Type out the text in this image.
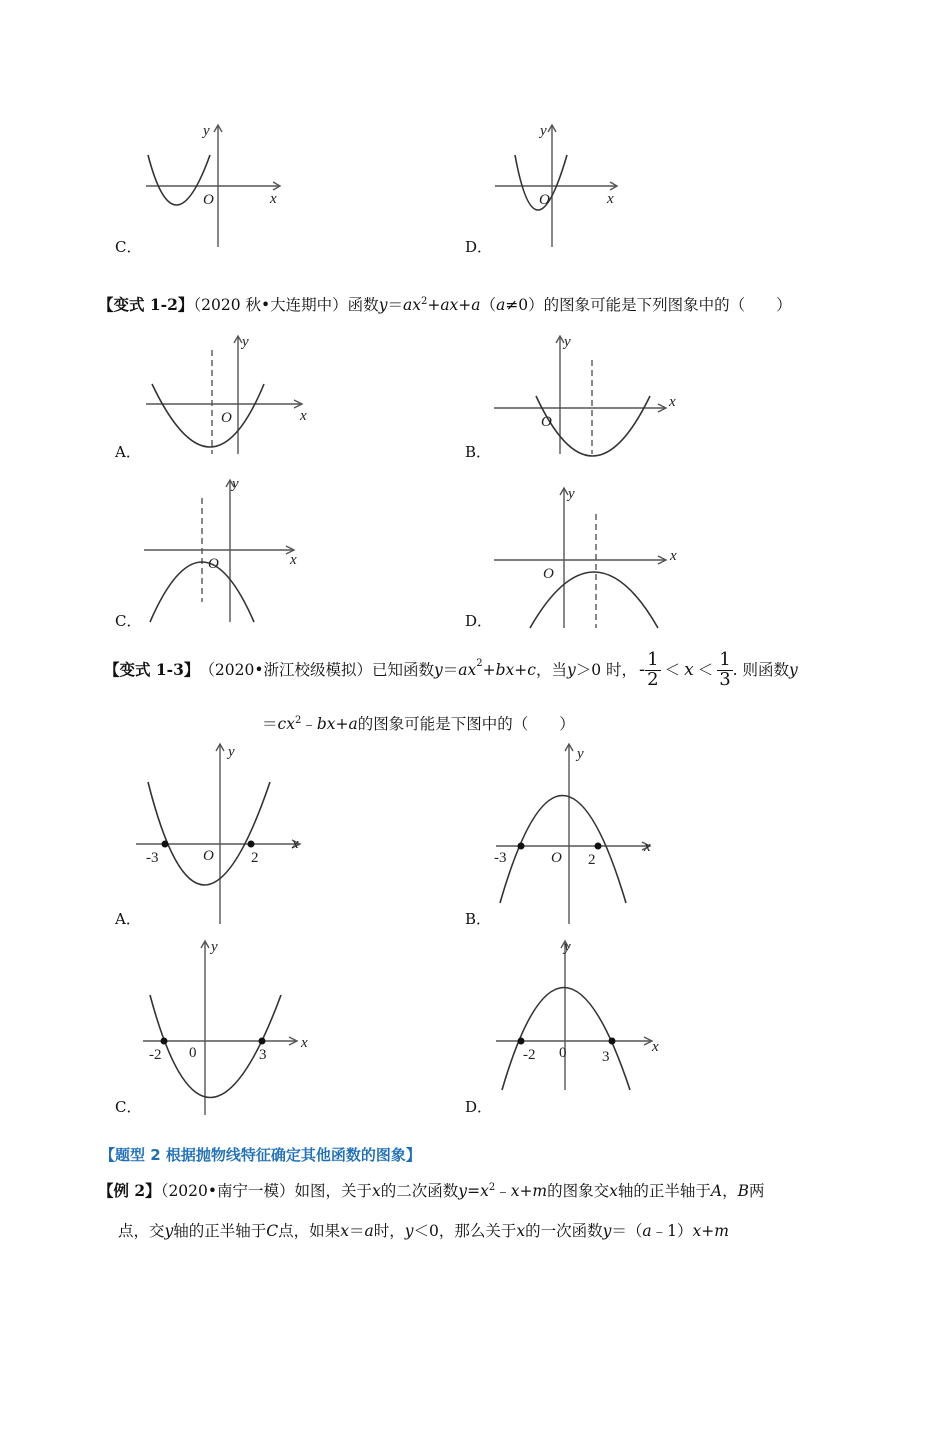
y
x
O
C．
y
x
O
D．
【变式 1-2】（2020 秋•大连期中）函数$y=ax^2+ax+a(a\ne 0)$的图象可能是下列图象中的（　　）
y
x
O
A．
y
x
O
B．
y
x
O
C．
y
x
O
D．
【变式 1-3】 （2020•浙江校级模拟）已知函数 $y = ax^2 +bx+c$ ，当 y ＞0 时， - $\frac{1}{2} < x < \frac{1}{3}$ . 则函数 y
$=cx^2﹣bx+a$的图象可能是下图中的（　　）
-3	2
O
y
x
A．
-3	2
O
y
x
B．
-2	3
0
y
x
C．
-2	3
0
y
x
D．
【题型 2 根据抛物线特征确定其他函数的图象】
【例 2】（2020•南宁一模）如图，关于x的二次函数$y=x^2﹣x+m$的图象交x轴的正半轴于A，B两
点，交y轴的正半轴于C点，如果x＝a时，y＜0，那么关于x的一次函数y＝（a﹣1）x+m
